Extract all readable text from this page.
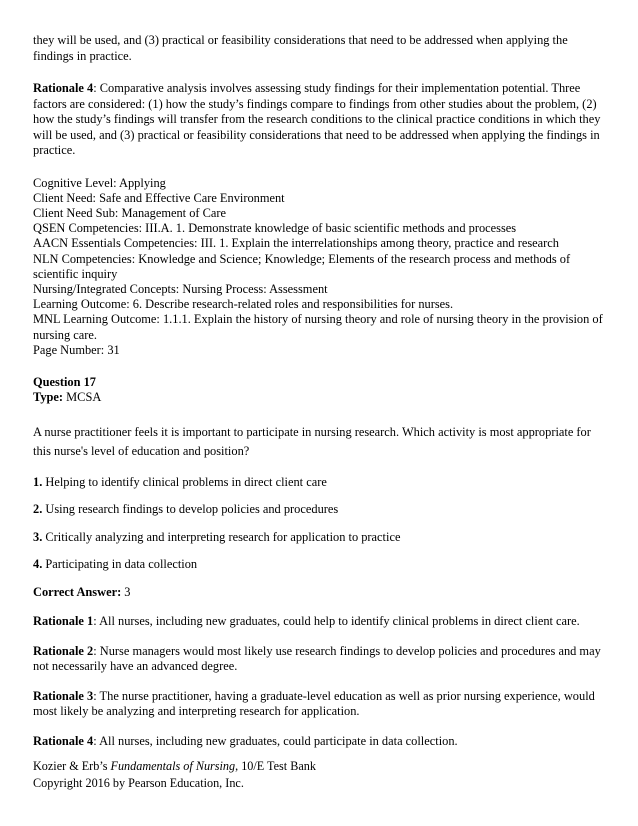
they will be used, and (3) practical or feasibility considerations that need to be addressed when applying the findings in practice.

Rationale 4: Comparative analysis involves assessing study findings for their implementation potential. Three factors are considered: (1) how the study’s findings compare to findings from other studies about the problem, (2) how the study’s findings will transfer from the research conditions to the clinical practice conditions in which they will be used, and (3) practical or feasibility considerations that need to be addressed when applying the findings in practice.

Cognitive Level: Applying
Client Need: Safe and Effective Care Environment
Client Need Sub: Management of Care
QSEN Competencies: III.A. 1. Demonstrate knowledge of basic scientific methods and processes
AACN Essentials Competencies: III. 1. Explain the interrelationships among theory, practice and research
NLN Competencies: Knowledge and Science; Knowledge; Elements of the research process and methods of scientific inquiry
Nursing/Integrated Concepts: Nursing Process: Assessment
Learning Outcome: 6. Describe research-related roles and responsibilities for nurses.
MNL Learning Outcome: 1.1.1. Explain the history of nursing theory and role of nursing theory in the provision of nursing care.
Page Number: 31

Question 17

Type: MCSA

A nurse practitioner feels it is important to participate in nursing research. Which activity is most appropriate for this nurse's level of education and position?

1. Helping to identify clinical problems in direct client care

2. Using research findings to develop policies and procedures

3. Critically analyzing and interpreting research for application to practice

4. Participating in data collection

Correct Answer: 3

Rationale 1: All nurses, including new graduates, could help to identify clinical problems in direct client care.

Rationale 2: Nurse managers would most likely use research findings to develop policies and procedures and may not necessarily have an advanced degree.

Rationale 3: The nurse practitioner, having a graduate-level education as well as prior nursing experience, would most likely be analyzing and interpreting research for application.

Rationale 4: All nurses, including new graduates, could participate in data collection.

Kozier & Erb’s Fundamentals of Nursing, 10/E Test Bank

Copyright 2016 by Pearson Education, Inc.
